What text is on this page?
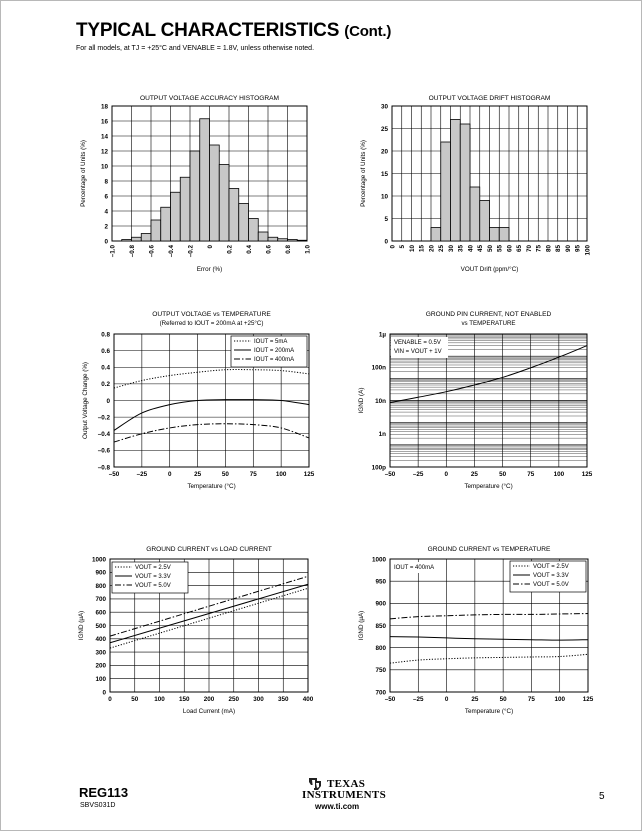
TYPICAL CHARACTERISTICS (Cont.)
For all models, at TJ = +25°C and VENABLE = 1.8V, unless otherwise noted.
OUTPUT VOLTAGE ACCURACY HISTOGRAM
18
16
14
12
10
8
6
4
2
0
–1.0 –0.8 –0.6 –0.4 –0.2 0 0.2 0.4 0.6 0.8 1.0
Error (%)
Percentage of Units (%)
OUTPUT VOLTAGE DRIFT HISTOGRAM
30
25
20
15
10
5
0
0 5 10 15 20 25 30 35 40 45 50 55 60 65 70 75 80 85 90 95 100
VOUT Drift (ppm/°C)
Percentage of Units (%)
OUTPUT VOLTAGE vs TEMPERATURE
(Referred to IOUT = 200mA at +25°C)
0.8
0.6
0.4
0.2
0
–0.2
–0.4
–0.6
–0.8
–50	–25	0	25	50	75	100	125
Temperature (°C)
Output Voltage Change (%)
IOUT = 5mA
IOUT = 200mA
IOUT = 400mA
GROUND PIN CURRENT, NOT ENABLED
vs TEMPERATURE
1µ
100n
10n
1n
100p
–50	–25	0	25	50	75	100	125
Temperature (°C)
IGND (A)
VENABLE = 0.5V
VIN = VOUT + 1V
GROUND CURRENT vs LOAD CURRENT
1000
900
800
700
600
500
400
300
200
100
0
0	50	100 150 200 250 300 350 400
Load Current (mA)
IGND (µA)
VOUT = 2.5V
VOUT = 3.3V
VOUT = 5.0V
GROUND CURRENT vs TEMPERATURE
1000
950
900
850
800
750
700
–50	–25	0	25	50	75	100	125
Temperature (°C)
IGND (µA)
VOUT = 2.5V
VOUT = 3.3V
VOUT = 5.0V
IOUT = 400mA
REG113
SBVS031D
TEXAS
INSTRUMENTS
www.ti.com
5
